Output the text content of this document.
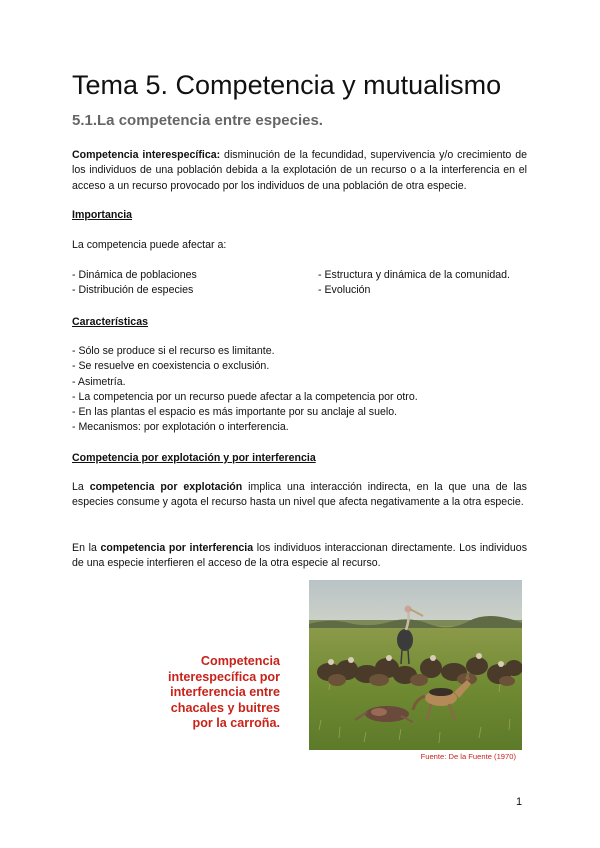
Tema 5. Competencia y mutualismo
5.1.La competencia entre especies.

Competencia interespecífica: disminución de la fecundidad, supervivencia y/o crecimiento de los individuos de una población debida a la explotación de un recurso o a la interferencia en el acceso a un recurso provocado por los individuos de una población de otra especie.

Importancia

La competencia puede afectar a:

- Dinámica de poblaciones

- Distribución de especies

- Estructura y dinámica de la comunidad.

- Evolución

Características

- Sólo se produce si el recurso es limitante.

- Se resuelve en coexistencia o exclusión.

- Asimetría.

- La competencia por un recurso puede afectar a la competencia por otro.

- En las plantas el espacio es más importante por su anclaje al suelo.

- Mecanismos: por explotación o interferencia.

Competencia por explotación y por interferencia

La competencia por explotación implica una interacción indirecta, en la que una de las especies consume y agota el recurso hasta un nivel que afecta negativamente a la otra especie.

En la competencia por interferencia los individuos interaccionan directamente. Los individuos de una especie interfieren el acceso de la otra especie al recurso.

Competencia interespecífica por interferencia entre chacales y buitres por la carroña.
Fuente: De la Fuente (1970)
1
